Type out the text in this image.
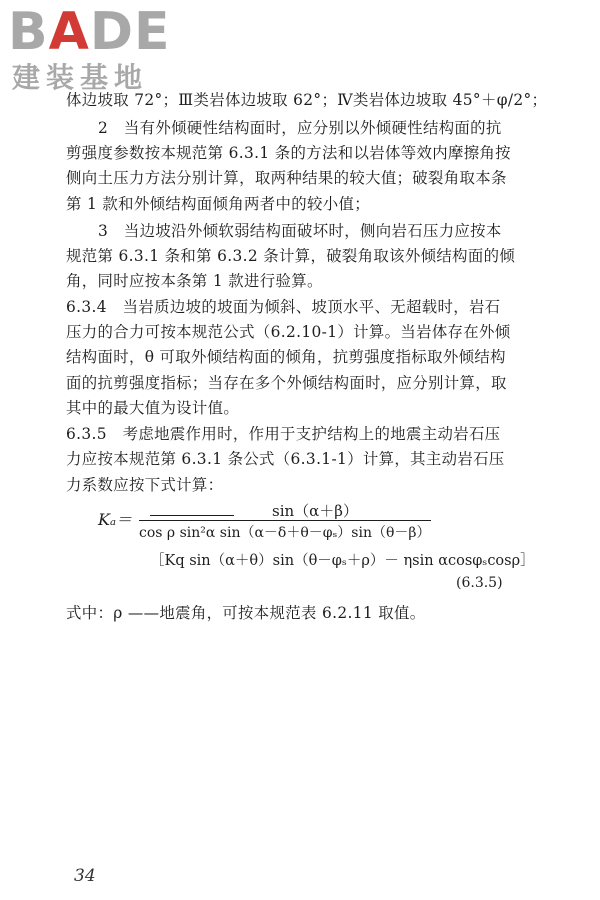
BADE
建装基地
体边坡取 72°；Ⅲ类岩体边坡取 62°；Ⅳ类岩体边坡取 45°＋φ/2°；
2　当有外倾硬性结构面时，应分别以外倾硬性结构面的抗
剪强度参数按本规范第 6.3.1 条的方法和以岩体等效内摩擦角按
侧向土压力方法分别计算，取两种结果的较大值；破裂角取本条
第 1 款和外倾结构面倾角两者中的较小值；
3　当边坡沿外倾软弱结构面破坏时，侧向岩石压力应按本
规范第 6.3.1 条和第 6.3.2 条计算，破裂角取该外倾结构面的倾
角，同时应按本条第 1 款进行验算。
6.3.4　当岩质边坡的坡面为倾斜、坡顶水平、无超载时，岩石
压力的合力可按本规范公式（6.2.10-1）计算。当岩体存在外倾
结构面时，θ 可取外倾结构面的倾角，抗剪强度指标取外倾结构
面的抗剪强度指标；当存在多个外倾结构面时，应分别计算，取
其中的最大值为设计值。
6.3.5　考虑地震作用时，作用于支护结构上的地震主动岩石压
力应按本规范第 6.3.1 条公式（6.3.1-1）计算，其主动岩石压
力系数应按下式计算：
Kₐ＝	sin（α＋β）
cos ρ sin²α sin（α－δ＋θ－φₛ）sin（θ－β）
［Kq sin（α＋θ）sin（θ－φₛ＋ρ）－ ηsin αcosφₛcosρ］
(6.3.5)
式中：ρ ——地震角，可按本规范表 6.2.11 取值。
34
